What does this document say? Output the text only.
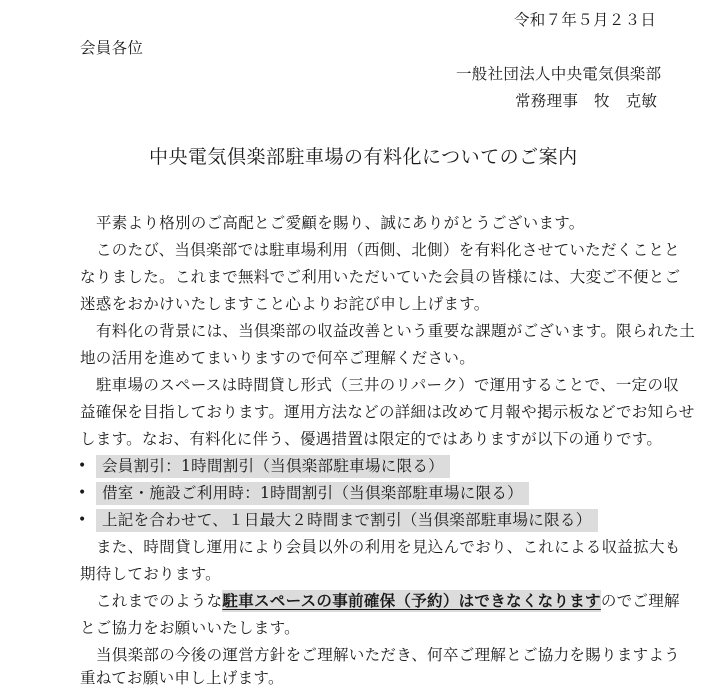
令和７年５月２３日
会員各位
一般社団法人中央電気倶楽部
常務理事　牧　克敏
中央電気倶楽部駐車場の有料化についてのご案内
平素より格別のご高配とご愛顧を賜り、誠にありがとうございます。
このたび、当倶楽部では駐車場利用（西側、北側）を有料化させていただくことと
なりました。これまで無料でご利用いただいていた会員の皆様には、大変ご不便とご
迷惑をおかけいたしますこと心よりお詫び申し上げます。
有料化の背景には、当倶楽部の収益改善という重要な課題がございます。限られた土
地の活用を進めてまいりますので何卒ご理解ください。
駐車場のスペースは時間貸し形式（三井のリパーク）で運用することで、一定の収
益確保を目指しております。運用方法などの詳細は改めて月報や掲示板などでお知らせ
します。なお、有料化に伴う、優遇措置は限定的ではありますが以下の通りです。
•	会員割引：1時間割引（当倶楽部駐車場に限る）
•	借室・施設ご利用時：1時間割引（当倶楽部駐車場に限る）
•	上記を合わせて、１日最大２時間まで割引（当倶楽部駐車場に限る）
また、時間貸し運用により会員以外の利用を見込んでおり、これによる収益拡大も
期待しております。
これまでのような駐車スペースの事前確保（予約）はできなくなりますのでご理解
とご協力をお願いいたします。
当倶楽部の今後の運営方針をご理解いただき、何卒ご理解とご協力を賜りますよう
重ねてお願い申し上げます。
